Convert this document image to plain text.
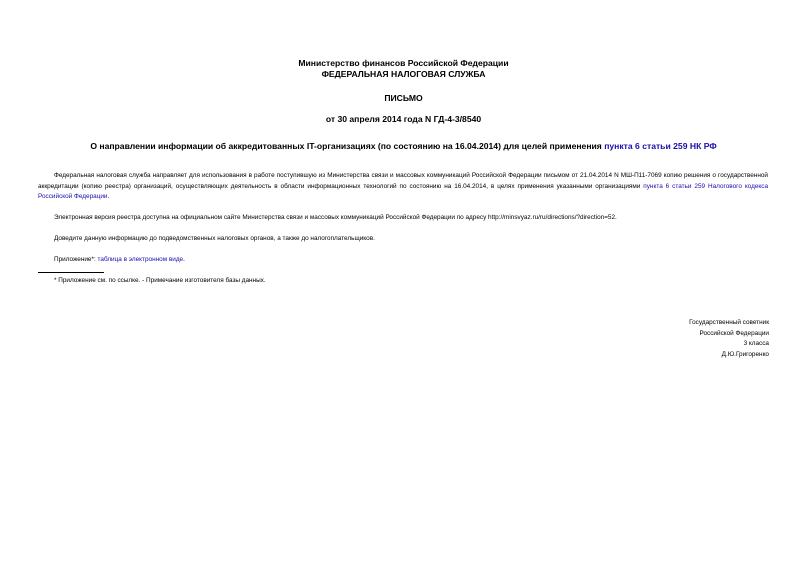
Министерство финансов Российской Федерации
ФЕДЕРАЛЬНАЯ НАЛОГОВАЯ СЛУЖБА
ПИСЬМО
от 30 апреля 2014 года N ГД-4-3/8540
О направлении информации об аккредитованных IT-организациях (по состоянию на 16.04.2014) для целей применения пункта 6 статьи 259 НК РФ
Федеральная налоговая служба направляет для использования в работе поступившую из Министерства связи и массовых коммуникаций Российской Федерации письмом от 21.04.2014 N МШ-П11-7069 копию решения о государственной аккредитации (копию реестра) организаций, осуществляющих деятельность в области информационных технологий по состоянию на 16.04.2014, в целях применения указанными организациями пункта 6 статьи 259 Налогового кодекса Российской Федерации.
Электронная версия реестра доступна на официальном сайте Министерства связи и массовых коммуникаций Российской Федерации по адресу http://minsvyaz.ru/ru/directions/?direction=52.
Доведите данную информацию до подведомственных налоговых органов, а также до налогоплательщиков.
Приложение*: таблица в электронном виде.
* Приложение см. по ссылке. - Примечание изготовителя базы данных.
Государственный советник
Российской Федерации
3 класса
Д.Ю.Григоренко
